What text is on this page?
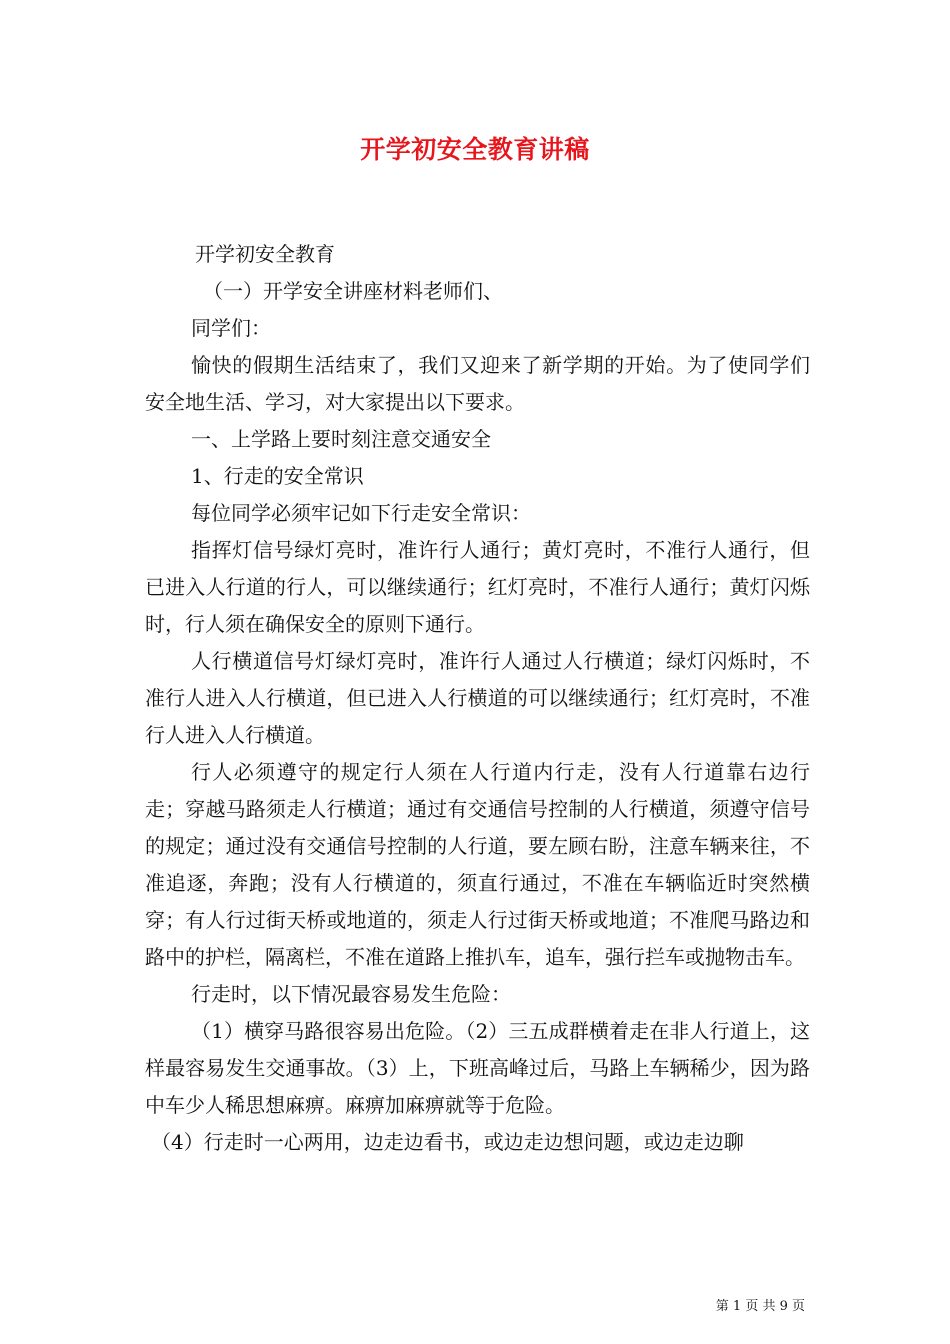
开学初安全教育讲稿

开学初安全教育

（一）开学安全讲座材料老师们、

同学们：

愉快的假期生活结束了，我们又迎来了新学期的开始。为了使同学们安全地生活、学习，对大家提出以下要求。

一、上学路上要时刻注意交通安全

1、行走的安全常识

每位同学必须牢记如下行走安全常识：

指挥灯信号绿灯亮时，准许行人通行；黄灯亮时，不准行人通行，但已进入人行道的行人，可以继续通行；红灯亮时，不准行人通行；黄灯闪烁时，行人须在确保安全的原则下通行。

人行横道信号灯绿灯亮时，准许行人通过人行横道；绿灯闪烁时，不准行人进入人行横道，但已进入人行横道的可以继续通行；红灯亮时，不准行人进入人行横道。

行人必须遵守的规定行人须在人行道内行走，没有人行道靠右边行走；穿越马路须走人行横道；通过有交通信号控制的人行横道，须遵守信号的规定；通过没有交通信号控制的人行道，要左顾右盼，注意车辆来往，不准追逐，奔跑；没有人行横道的，须直行通过，不准在车辆临近时突然横穿；有人行过街天桥或地道的，须走人行过街天桥或地道；不准爬马路边和路中的护栏，隔离栏，不准在道路上推扒车，追车，强行拦车或抛物击车。

行走时，以下情况最容易发生危险：

（1）横穿马路很容易出危险。（2）三五成群横着走在非人行道上，这样最容易发生交通事故。（3）上，下班高峰过后，马路上车辆稀少，因为路中车少人稀思想麻痹。麻痹加麻痹就等于危险。

（4）行走时一心两用，边走边看书，或边走边想问题，或边走边聊

第 1 页 共 9 页
